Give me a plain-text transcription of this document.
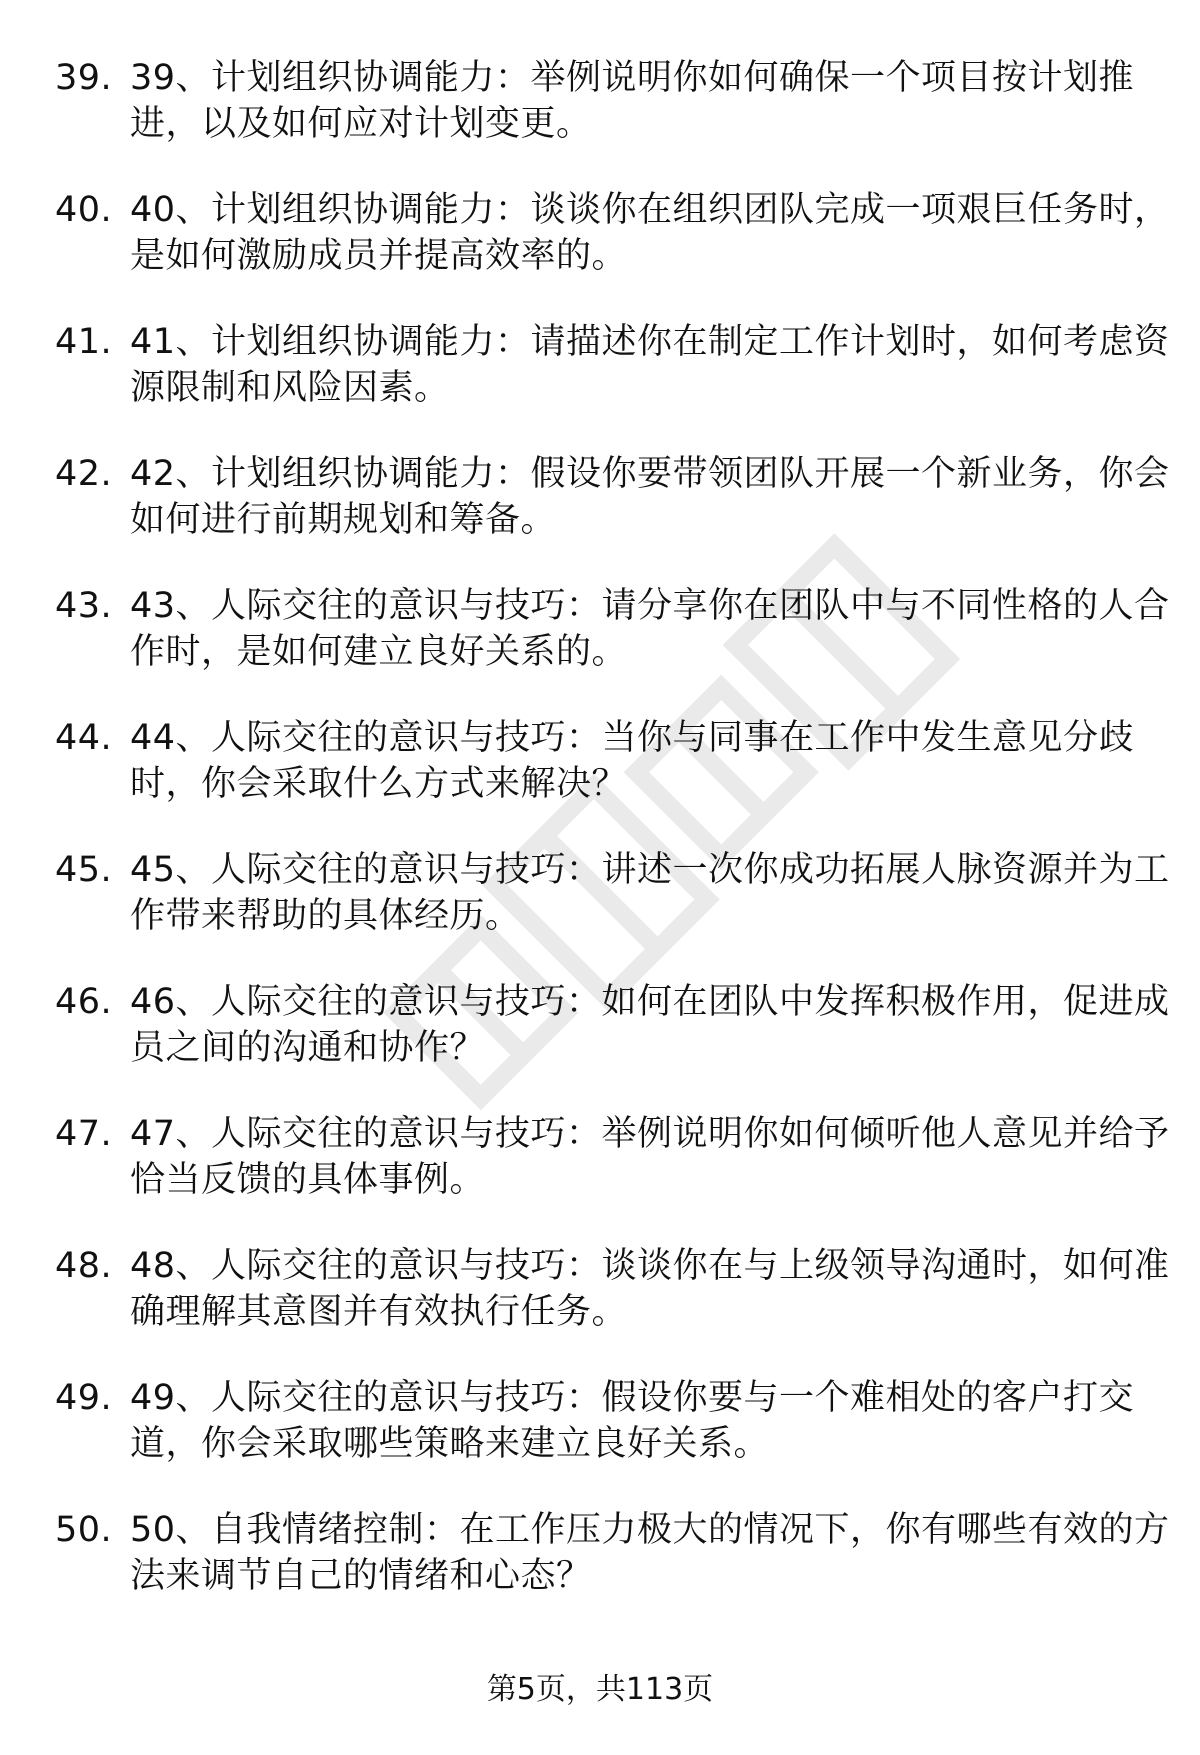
39. 39、计划组织协调能力：举例说明你如何确保一个项目按计划推进，以及如何应对计划变更。
40. 40、计划组织协调能力：谈谈你在组织团队完成一项艰巨任务时，是如何激励成员并提高效率的。
41. 41、计划组织协调能力：请描述你在制定工作计划时，如何考虑资源限制和风险因素。
42. 42、计划组织协调能力：假设你要带领团队开展一个新业务，你会如何进行前期规划和筹备。
43. 43、人际交往的意识与技巧：请分享你在团队中与不同性格的人合作时，是如何建立良好关系的。
44. 44、人际交往的意识与技巧：当你与同事在工作中发生意见分歧时，你会采取什么方式来解决？
45. 45、人际交往的意识与技巧：讲述一次你成功拓展人脉资源并为工作带来帮助的具体经历。
46. 46、人际交往的意识与技巧：如何在团队中发挥积极作用，促进成员之间的沟通和协作？
47. 47、人际交往的意识与技巧：举例说明你如何倾听他人意见并给予恰当反馈的具体事例。
48. 48、人际交往的意识与技巧：谈谈你在与上级领导沟通时，如何准确理解其意图并有效执行任务。
49. 49、人际交往的意识与技巧：假设你要与一个难相处的客户打交道，你会采取哪些策略来建立良好关系。
50. 50、自我情绪控制：在工作压力极大的情况下，你有哪些有效的方法来调节自己的情绪和心态？
第5页，共113页
